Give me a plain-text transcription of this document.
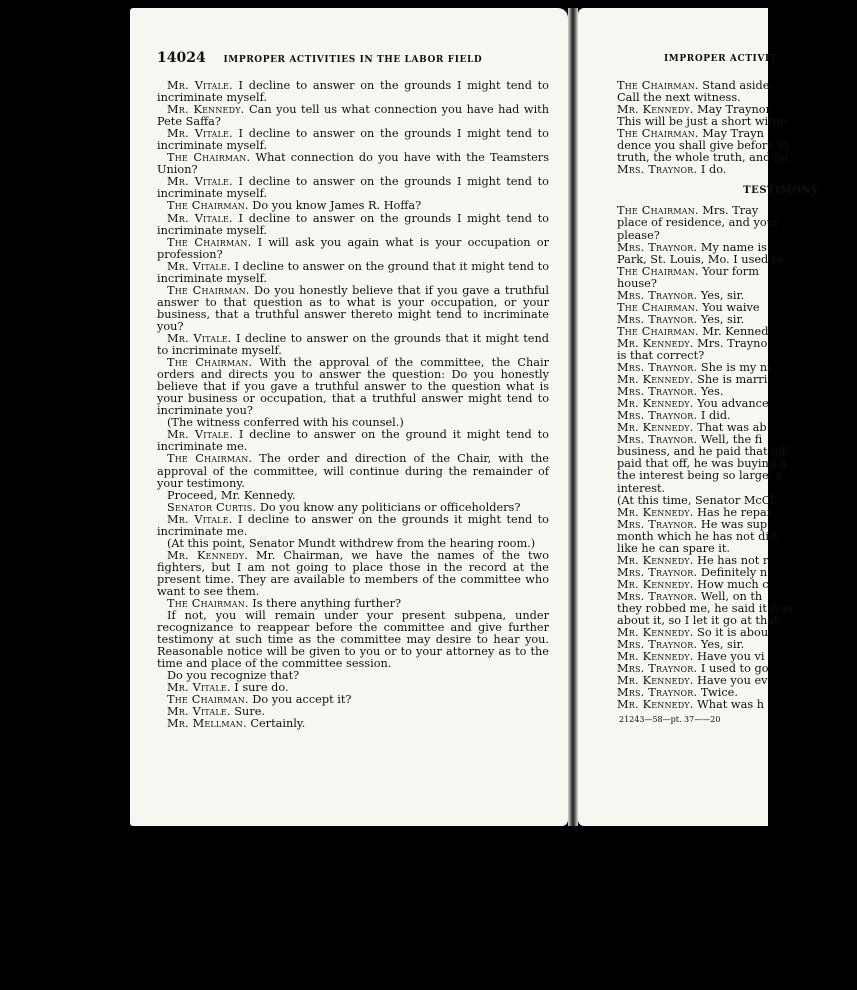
14024 IMPROPER ACTIVITIES IN THE LABOR FIELD

Mr. Vitale. I decline to answer on the grounds I might tend to incriminate myself.

Mr. Kennedy. Can you tell us what connection you have had with Pete Saffa?

Mr. Vitale. I decline to answer on the grounds I might tend to incriminate myself.

The Chairman. What connection do you have with the Teamsters Union?

Mr. Vitale. I decline to answer on the grounds I might tend to incriminate myself.

The Chairman. Do you know James R. Hoffa?

Mr. Vitale. I decline to answer on the grounds I might tend to incriminate myself.

The Chairman. I will ask you again what is your occupation or profession?

Mr. Vitale. I decline to answer on the ground that it might tend to incriminate myself.

The Chairman. Do you honestly believe that if you gave a truthful answer to that question as to what is your occupation, or your business, that a truthful answer thereto might tend to incriminate you?

Mr. Vitale. I decline to answer on the grounds that it might tend to incriminate myself.

The Chairman. With the approval of the committee, the Chair orders and directs you to answer the question: Do you honestly believe that if you gave a truthful answer to the question what is your business or occupation, that a truthful answer might tend to incriminate you?

(The witness conferred with his counsel.)

Mr. Vitale. I decline to answer on the ground it might tend to incriminate me.

The Chairman. The order and direction of the Chair, with the approval of the committee, will continue during the remainder of your testimony.

Proceed, Mr. Kennedy.

Senator Curtis. Do you know any politicians or officeholders?

Mr. Vitale. I decline to answer on the grounds it might tend to incriminate me.

(At this point, Senator Mundt withdrew from the hearing room.)

Mr. Kennedy. Mr. Chairman, we have the names of the two fighters, but I am not going to place those in the record at the present time. They are available to members of the committee who want to see them.

The Chairman. Is there anything further?

If not, you will remain under your present subpena, under recognizance to reappear before the committee and give further testimony at such time as the committee may desire to hear you. Reasonable notice will be given to you or to your attorney as to the time and place of the committee session.

Do you recognize that?

Mr. Vitale. I sure do.

The Chairman. Do you accept it?

Mr. Vitale. Sure.

Mr. Mellman. Certainly.

IMPROPER ACTIVIT

The Chairman. Stand aside

Call the next witness.

Mr. Kennedy. May Traynor

This will be just a short witne

The Chairman. May Trayn

dence you shall give before th

truth, the whole truth, and no

Mrs. Traynor. I do.

TESTIMONY

The Chairman. Mrs. Tray

place of residence, and your

please?

Mrs. Traynor. My name is

Park, St. Louis, Mo. I used to

The Chairman. Your form

house?

Mrs. Traynor. Yes, sir.

The Chairman. You waive

Mrs. Traynor. Yes, sir.

The Chairman. Mr. Kenned

Mr. Kennedy. Mrs. Trayno

is that correct?

Mrs. Traynor. She is my ni

Mr. Kennedy. She is marri

Mrs. Traynor. Yes.

Mr. Kennedy. You advance

Mrs. Traynor. I did.

Mr. Kennedy. That was ab

Mrs. Traynor. Well, the fi

business, and he paid that off.

paid that off, he was buying h

the interest being so large, s

interest.

(At this time, Senator McCl

Mr. Kennedy. Has he repai

Mrs. Traynor. He was sup

month which he has not did,

like he can spare it.

Mr. Kennedy. He has not r

Mrs. Traynor. Definitely n

Mr. Kennedy. How much c

Mrs. Traynor. Well, on th

they robbed me, he said it was

about it, so I let it go at that.

Mr. Kennedy. So it is abou

Mrs. Traynor. Yes, sir.

Mr. Kennedy. Have you vi

Mrs. Traynor. I used to go

Mr. Kennedy. Have you ev

Mrs. Traynor. Twice.

Mr. Kennedy. What was h

21243—58—pt. 37——20
